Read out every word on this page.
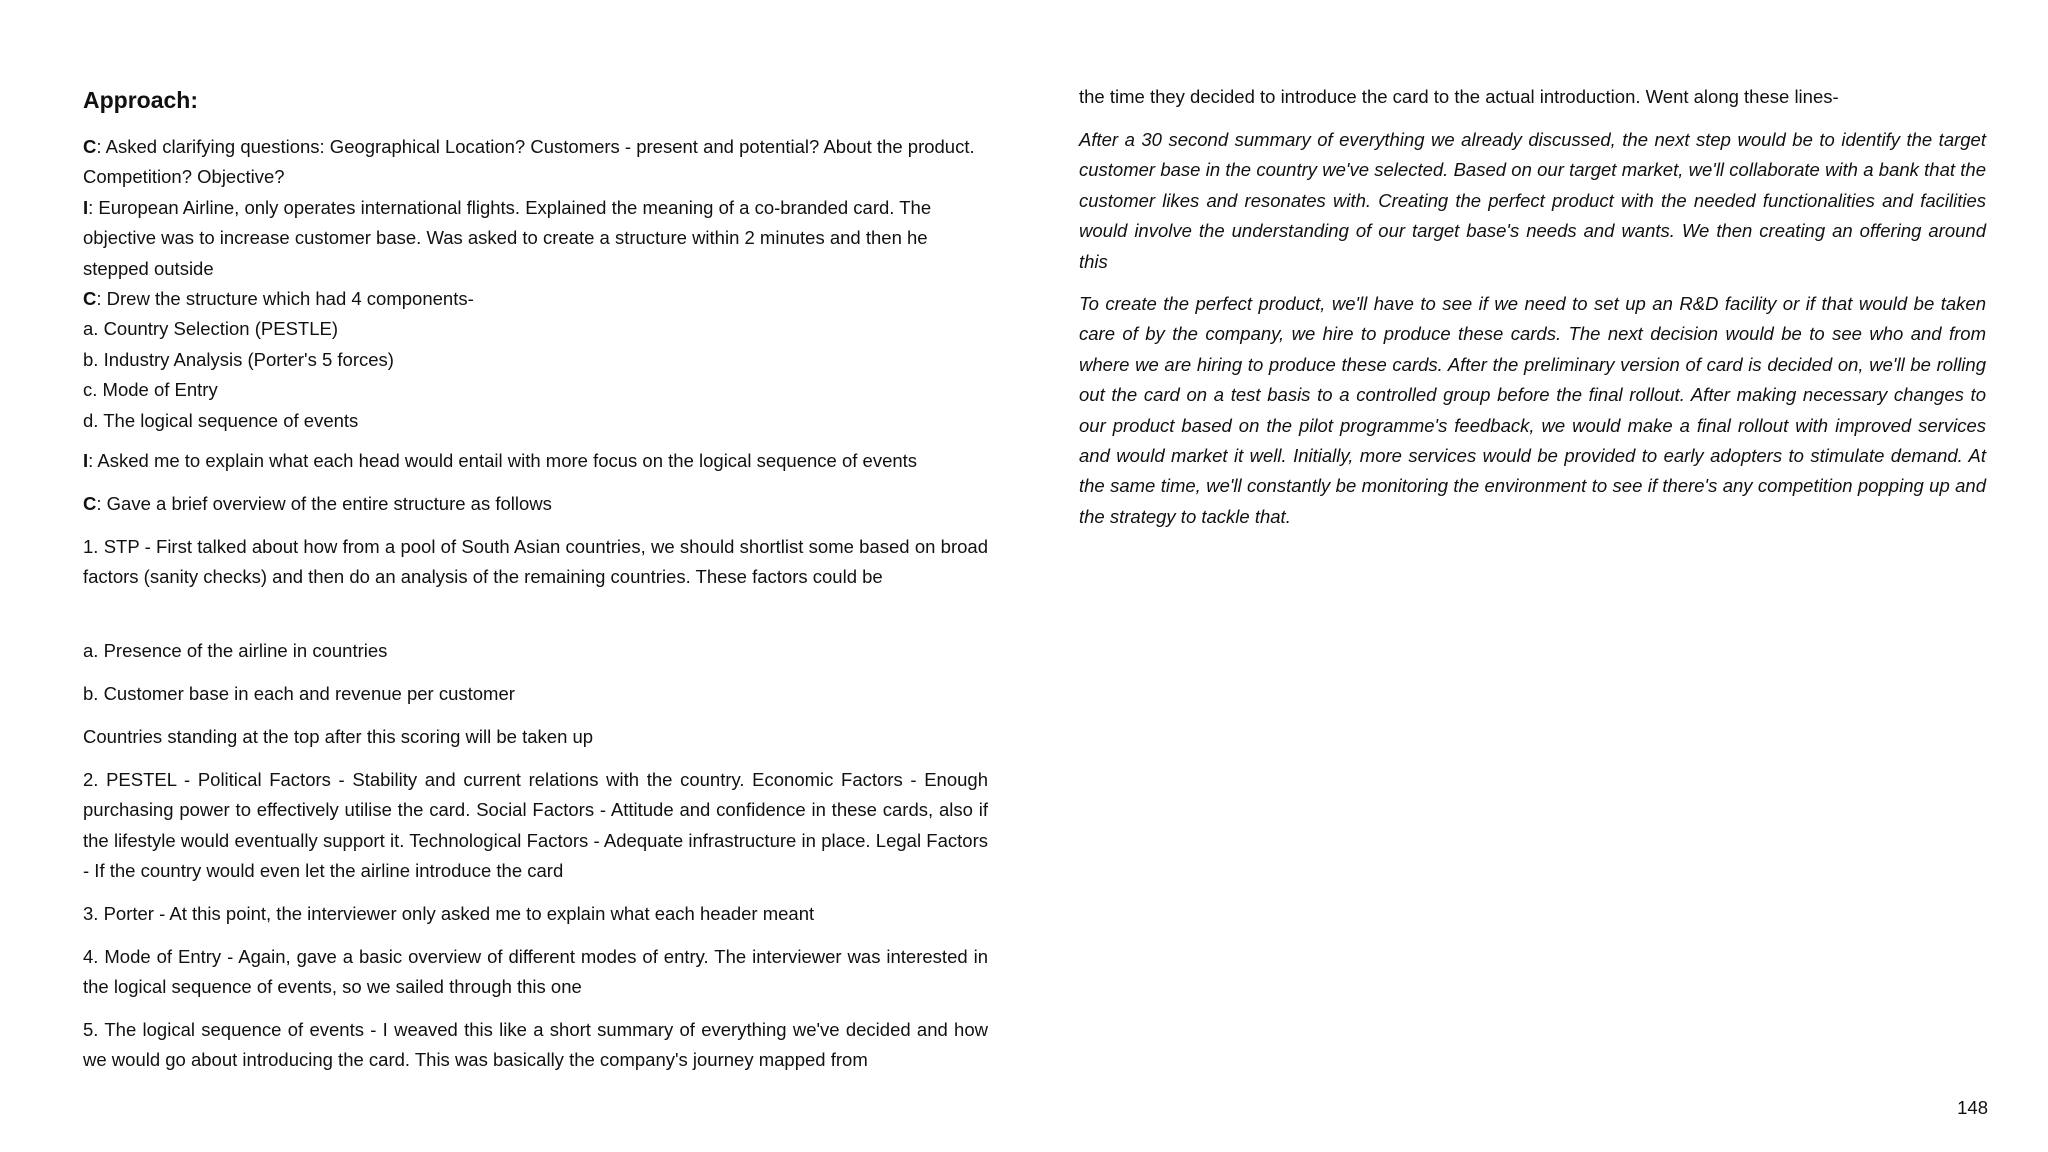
Approach:
C: Asked clarifying questions: Geographical Location? Customers - present and potential? About the product. Competition? Objective?
I: European Airline, only operates international flights. Explained the meaning of a co-branded card. The objective was to increase customer base. Was asked to create a structure within 2 minutes and then he stepped outside
C: Drew the structure which had 4 components-
a. Country Selection (PESTLE)
b. Industry Analysis (Porter's 5 forces)
c. Mode of Entry
d. The logical sequence of events

I: Asked me to explain what each head would entail with more focus on the logical sequence of events

C: Gave a brief overview of the entire structure as follows

1. STP - First talked about how from a pool of South Asian countries, we should shortlist some based on broad factors (sanity checks) and then do an analysis of the remaining countries. These factors could be

a. Presence of the airline in countries

b. Customer base in each and revenue per customer

Countries standing at the top after this scoring will be taken up

2. PESTEL - Political Factors - Stability and current relations with the country. Economic Factors - Enough purchasing power to effectively utilise the card. Social Factors - Attitude and confidence in these cards, also if the lifestyle would eventually support it. Technological Factors - Adequate infrastructure in place. Legal Factors - If the country would even let the airline introduce the card

3. Porter - At this point, the interviewer only asked me to explain what each header meant

4. Mode of Entry - Again, gave a basic overview of different modes of entry. The interviewer was interested in the logical sequence of events, so we sailed through this one

5. The logical sequence of events - I weaved this like a short summary of everything we've decided and how we would go about introducing the card. This was basically the company's journey mapped from

the time they decided to introduce the card to the actual introduction. Went along these lines-

After a 30 second summary of everything we already discussed, the next step would be to identify the target customer base in the country we've selected. Based on our target market, we'll collaborate with a bank that the customer likes and resonates with. Creating the perfect product with the needed functionalities and facilities would involve the understanding of our target base's needs and wants. We then creating an offering around this

To create the perfect product, we'll have to see if we need to set up an R&D facility or if that would be taken care of by the company, we hire to produce these cards. The next decision would be to see who and from where we are hiring to produce these cards. After the preliminary version of card is decided on, we'll be rolling out the card on a test basis to a controlled group before the final rollout. After making necessary changes to our product based on the pilot programme's feedback, we would make a final rollout with improved services and would market it well. Initially, more services would be provided to early adopters to stimulate demand. At the same time, we'll constantly be monitoring the environment to see if there's any competition popping up and the strategy to tackle that.

148
